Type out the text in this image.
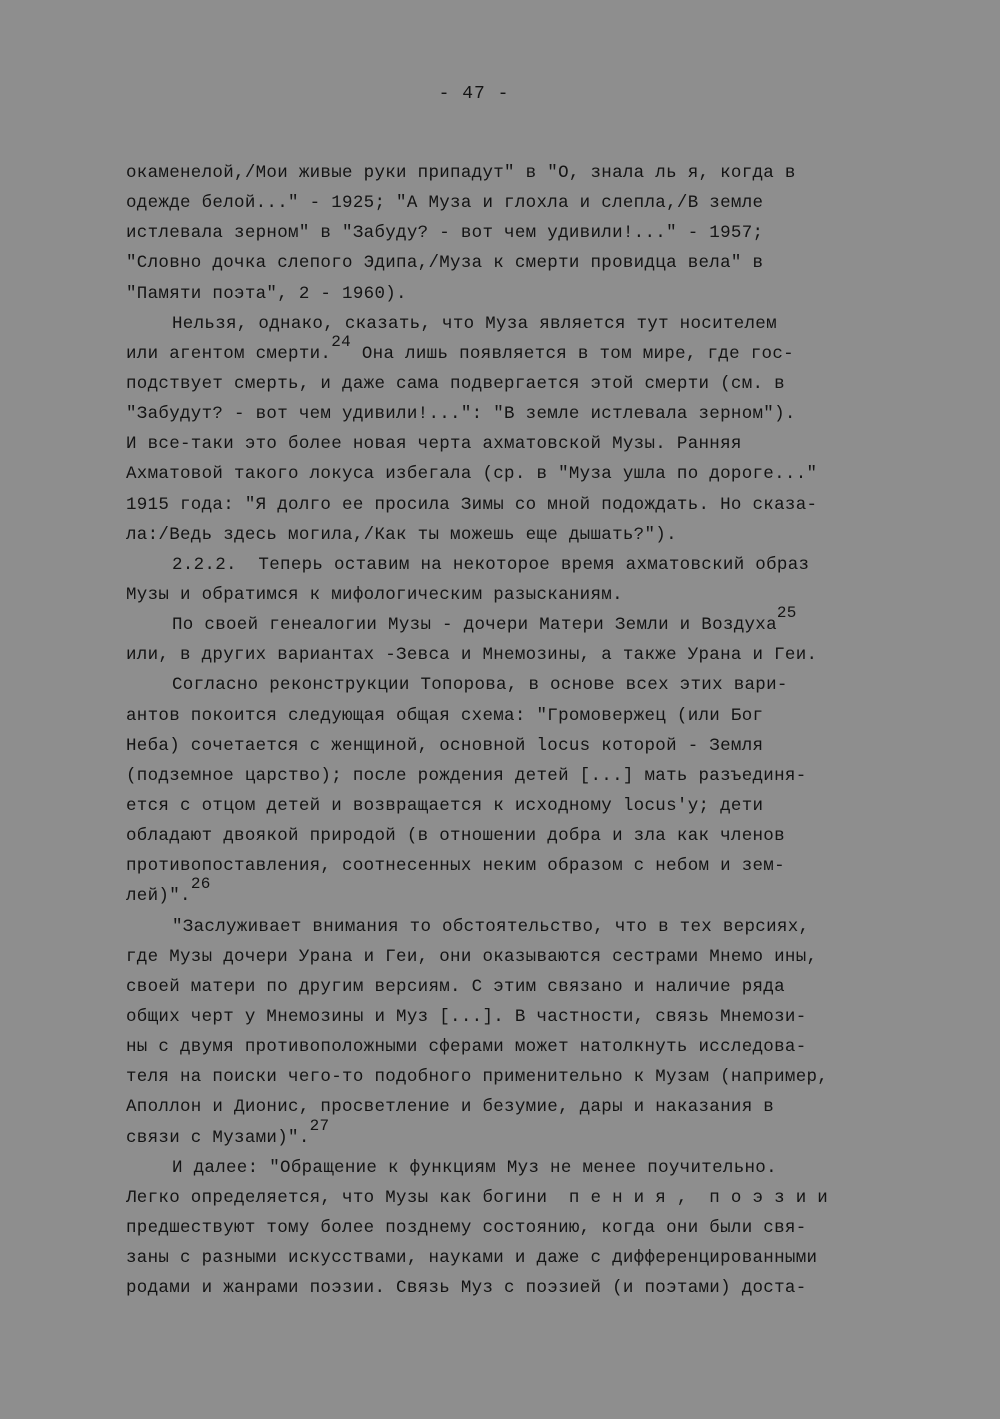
- 47 -
окаменелой,/Мои живые руки припадут" в "О, знала ль я, когда в
одежде белой..." - 1925; "А Муза и глохла и слепла,/В земле
истлевала зерном" в "Забуду? - вот чем удивили!..." - 1957;
"Словно дочка слепого Эдипа,/Муза к смерти провидца вела" в
"Памяти поэта", 2 - 1960).
Нельзя, однако, сказать, что Муза является тут носителем
или агентом смерти.24 Она лишь появляется в том мире, где гос-
подствует смерть, и даже сама подвергается этой смерти (см. в
"Забудут? - вот чем удивили!...": "В земле истлевала зерном").
И все-таки это более новая черта ахматовской Музы. Ранняя
Ахматовой такого локуса избегала (ср. в "Муза ушла по дороге..."
1915 года: "Я долго ее просила Зимы со мной подождать. Но сказа-
ла:/Ведь здесь могила,/Как ты можешь еще дышать?").
2.2.2.  Теперь оставим на некоторое время ахматовский образ
Музы и обратимся к мифологическим разысканиям.
По своей генеалогии Музы - дочери Матери Земли и Воздуха25
или, в других вариантах -Зевса и Мнемозины, а также Урана и Геи.
Согласно реконструкции Топорова, в основе всех этих вари-
антов покоится следующая общая схема: "Громовержец (или Бог
Неба) сочетается с женщиной, основной locus которой - Земля
(подземное царство); после рождения детей [...] мать разъединя-
ется с отцом детей и возвращается к исходному locus'у; дети
обладают двоякой природой (в отношении добра и зла как членов
противопоставления, соотнесенных неким образом с небом и зем-
лей)".26
"Заслуживает внимания то обстоятельство, что в тех версиях,
где Музы дочери Урана и Геи, они оказываются сестрами Мнемо ины,
своей матери по другим версиям. С этим связано и наличие ряда
общих черт у Мнемозины и Муз [...]. В частности, связь Мнемози-
ны с двумя противоположными сферами может натолкнуть исследова-
теля на поиски чего-то подобного применительно к Музам (например,
Аполлон и Дионис, просветление и безумие, дары и наказания в
связи с Музами)".27
И далее: "Обращение к функциям Муз не менее поучительно.
Легко определяется, что Музы как богини  п е н и я ,  п о э з и и
предшествуют тому более позднему состоянию, когда они были свя-
заны с разными искусствами, науками и даже с дифференцированными
родами и жанрами поэзии. Связь Муз с поэзией (и поэтами) доста-
